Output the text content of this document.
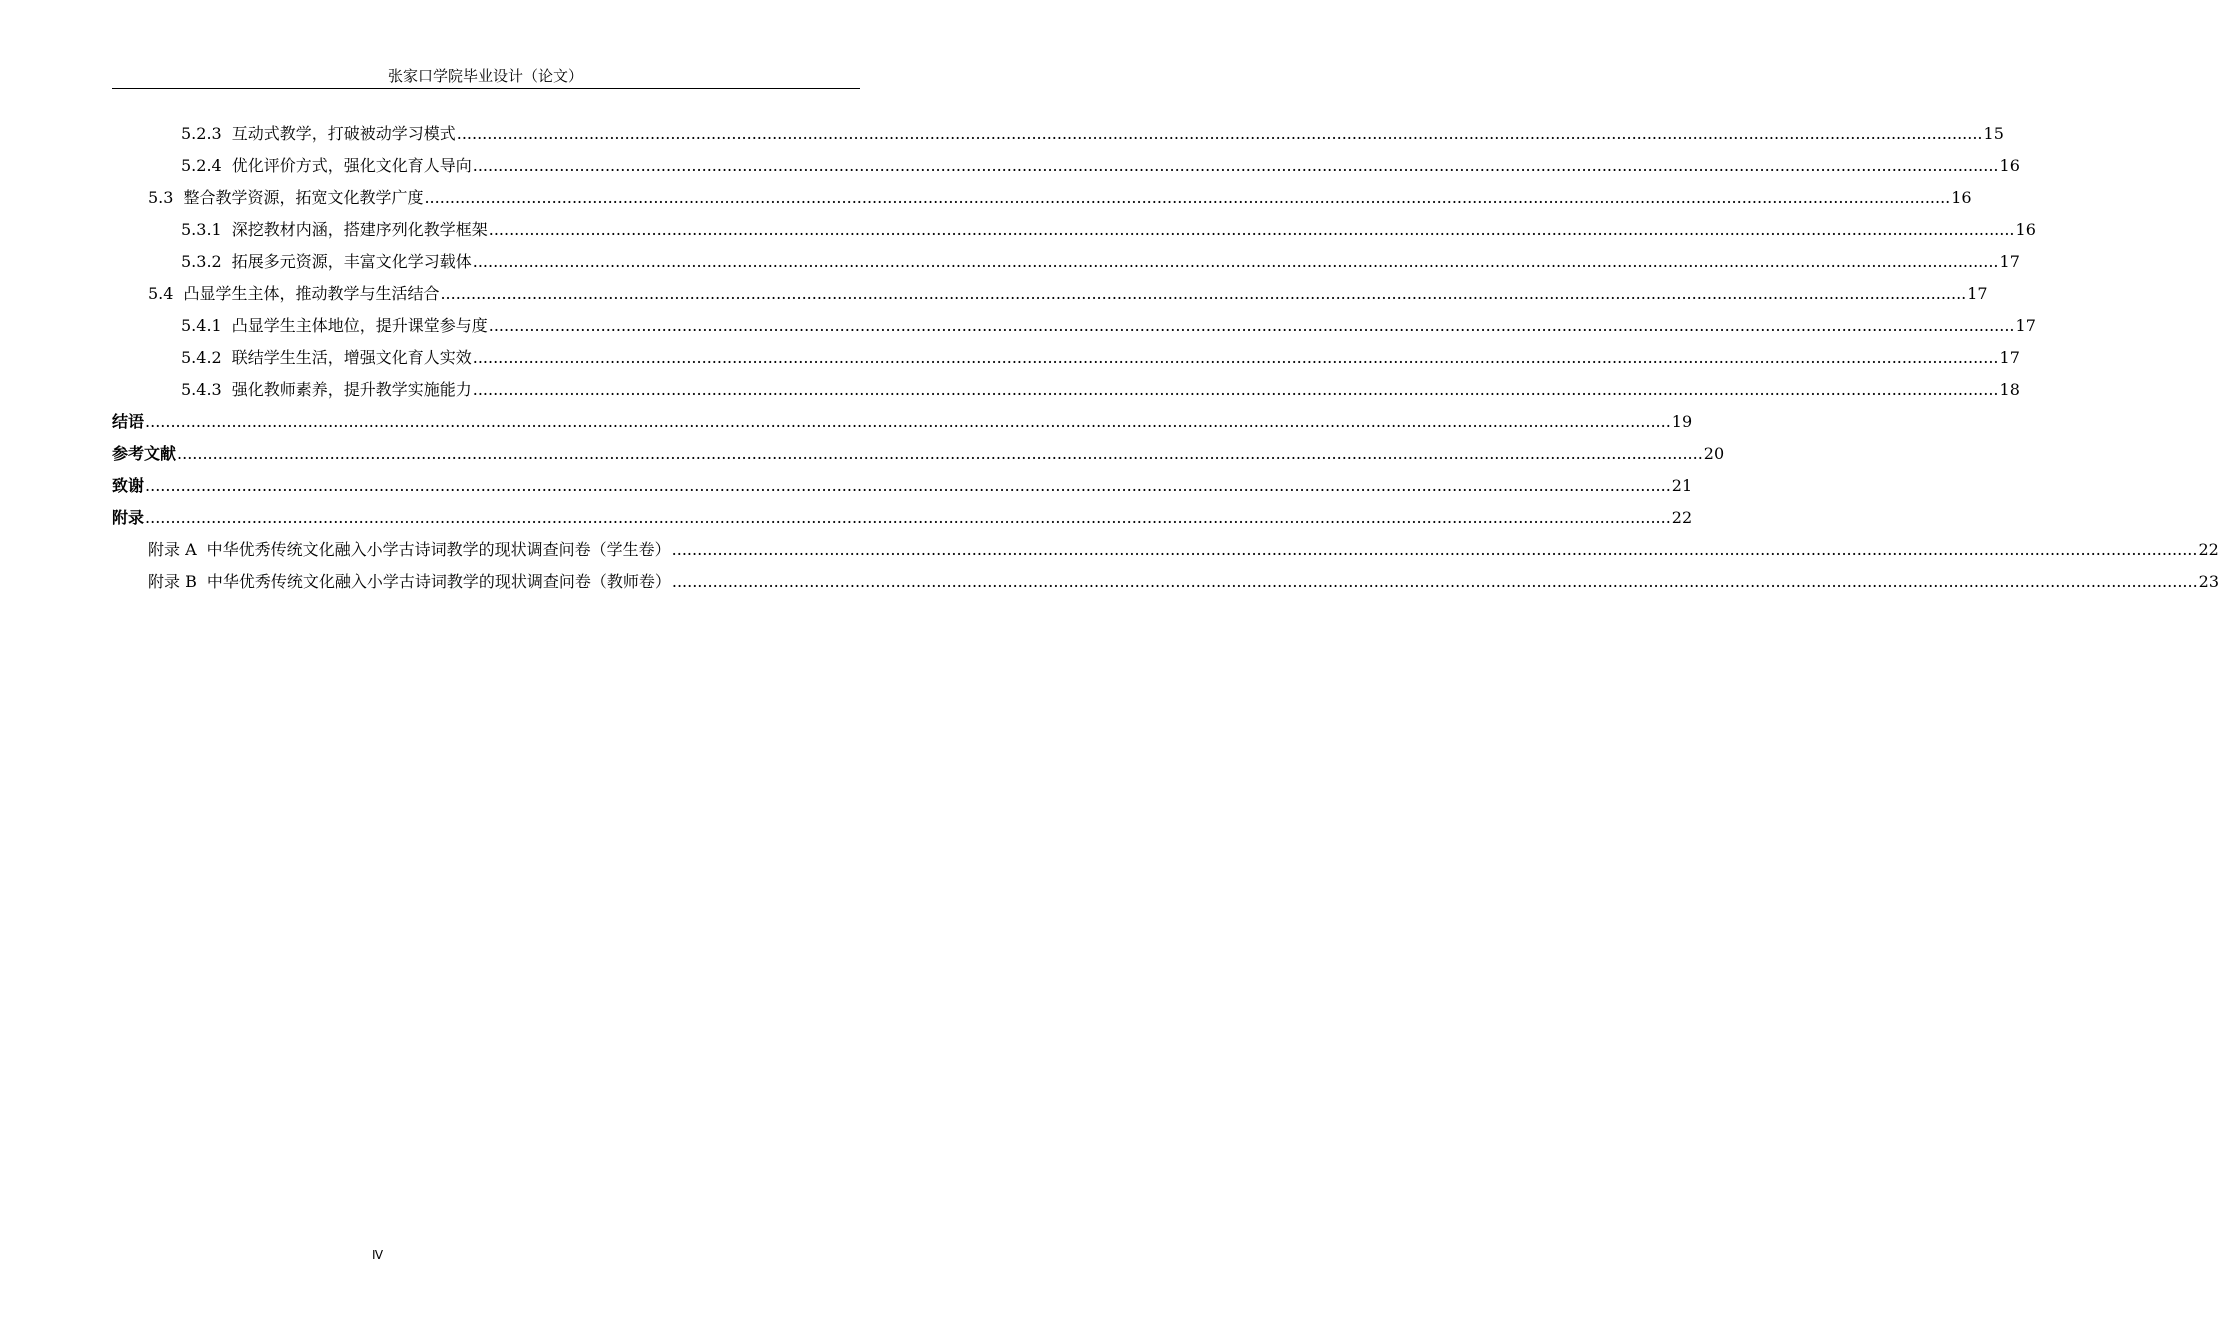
张家口学院毕业设计（论文）
5.2.3 互动式教学，打破被动学习模式 ............................................................................................................................................................................................................................................................................................................ 15
5.2.4 优化评价方式，强化文化育人导向 ............................................................................................................................................................................................................................................................................................................ 16
5.3 整合教学资源，拓宽文化教学广度 ............................................................................................................................................................................................................................................................................................................ 16
5.3.1 深挖教材内涵，搭建序列化教学框架 ............................................................................................................................................................................................................................................................................................................ 16
5.3.2 拓展多元资源，丰富文化学习载体 ............................................................................................................................................................................................................................................................................................................ 17
5.4 凸显学生主体，推动教学与生活结合 ............................................................................................................................................................................................................................................................................................................ 17
5.4.1 凸显学生主体地位，提升课堂参与度 ............................................................................................................................................................................................................................................................................................................ 17
5.4.2 联结学生生活，增强文化育人实效 ............................................................................................................................................................................................................................................................................................................ 17
5.4.3 强化教师素养，提升教学实施能力 ............................................................................................................................................................................................................................................................................................................ 18
结语 ............................................................................................................................................................................................................................................................................................................ 19
参考文献 ............................................................................................................................................................................................................................................................................................................ 20
致谢 ............................................................................................................................................................................................................................................................................................................ 21
附录 ............................................................................................................................................................................................................................................................................................................ 22
附录 A 中华优秀传统文化融入小学古诗词教学的现状调查问卷（学生卷） ............................................................................................................................................................................................................................................................................................................ 22
附录 B 中华优秀传统文化融入小学古诗词教学的现状调查问卷（教师卷） ............................................................................................................................................................................................................................................................................................................ 23
Ⅳ
